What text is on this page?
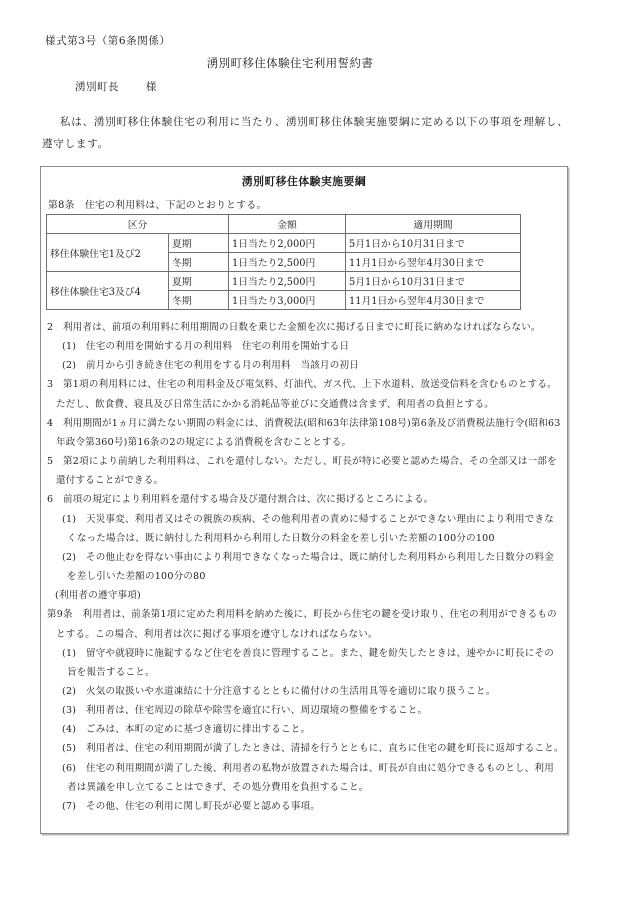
様式第3号（第6条関係）
湧別町移住体験住宅利用誓約書
湧別町長	様
私は、湧別町移住体験住宅の利用に当たり、湧別町移住体験実施要綱に定める以下の事項を理解し、
遵守します。
湧別町移住体験実施要綱
第8条　住宅の利用料は、下記のとおりとする。
区分		金額	適用期間
移住体験住宅1及び2	夏期	1日当たり2,000円	5月1日から10月31日まで
	冬期	1日当たり2,500円	11月1日から翌年4月30日まで
移住体験住宅3及び4	夏期	1日当たり2,500円	5月1日から10月31日まで
	冬期	1日当たり3,000円	11月1日から翌年4月30日まで
2　利用者は、前項の利用料に利用期間の日数を乗じた金額を次に掲げる日までに町長に納めなければならない。
(1)　住宅の利用を開始する月の利用料　住宅の利用を開始する日
(2)　前月から引き続き住宅の利用をする月の利用料　当該月の初日
3　第1項の利用料には、住宅の利用料金及び電気料、灯油代、ガス代、上下水道料、放送受信料を含むものとする。
ただし、飲食費、寝具及び日常生活にかかる消耗品等並びに交通費は含まず、利用者の負担とする。
4　利用期間が1ヵ月に満たない期間の料金には、消費税法(昭和63年法律第108号)第6条及び消費税法施行令(昭和63
年政令第360号)第16条の2の規定による消費税を含むこととする。
5　第2項により前納した利用料は、これを還付しない。ただし、町長が特に必要と認めた場合、その全部又は一部を
還付することができる。
6　前項の規定により利用料を還付する場合及び還付割合は、次に掲げるところによる。
(1)　天災事変、利用者又はその親族の疾病、その他利用者の責めに帰することができない理由により利用できな
くなった場合は、既に納付した利用料から利用した日数分の料金を差し引いた差額の100分の100
(2)　その他止むを得ない事由により利用できなくなった場合は、既に納付した利用料から利用した日数分の料金
を差し引いた差額の100分の80
(利用者の遵守事項)
第9条　利用者は、前条第1項に定めた利用料を納めた後に、町長から住宅の鍵を受け取り、住宅の利用ができるもの
とする。この場合、利用者は次に掲げる事項を遵守しなければならない。
(1)　留守や就寝時に施錠するなど住宅を善良に管理すること。また、鍵を紛失したときは、速やかに町長にその
旨を報告すること。
(2)　火気の取扱いや水道凍結に十分注意するとともに備付けの生活用具等を適切に取り扱うこと。
(3)　利用者は、住宅周辺の除草や除雪を適宜に行い、周辺環境の整備をすること。
(4)　ごみは、本町の定めに基づき適切に排出すること。
(5)　利用者は、住宅の利用期間が満了したときは、清掃を行うとともに、直ちに住宅の鍵を町長に返却すること。
(6)　住宅の利用期間が満了した後、利用者の私物が放置された場合は、町長が自由に処分できるものとし、利用
者は異議を申し立てることはできず、その処分費用を負担すること。
(7)　その他、住宅の利用に関し町長が必要と認める事項。
